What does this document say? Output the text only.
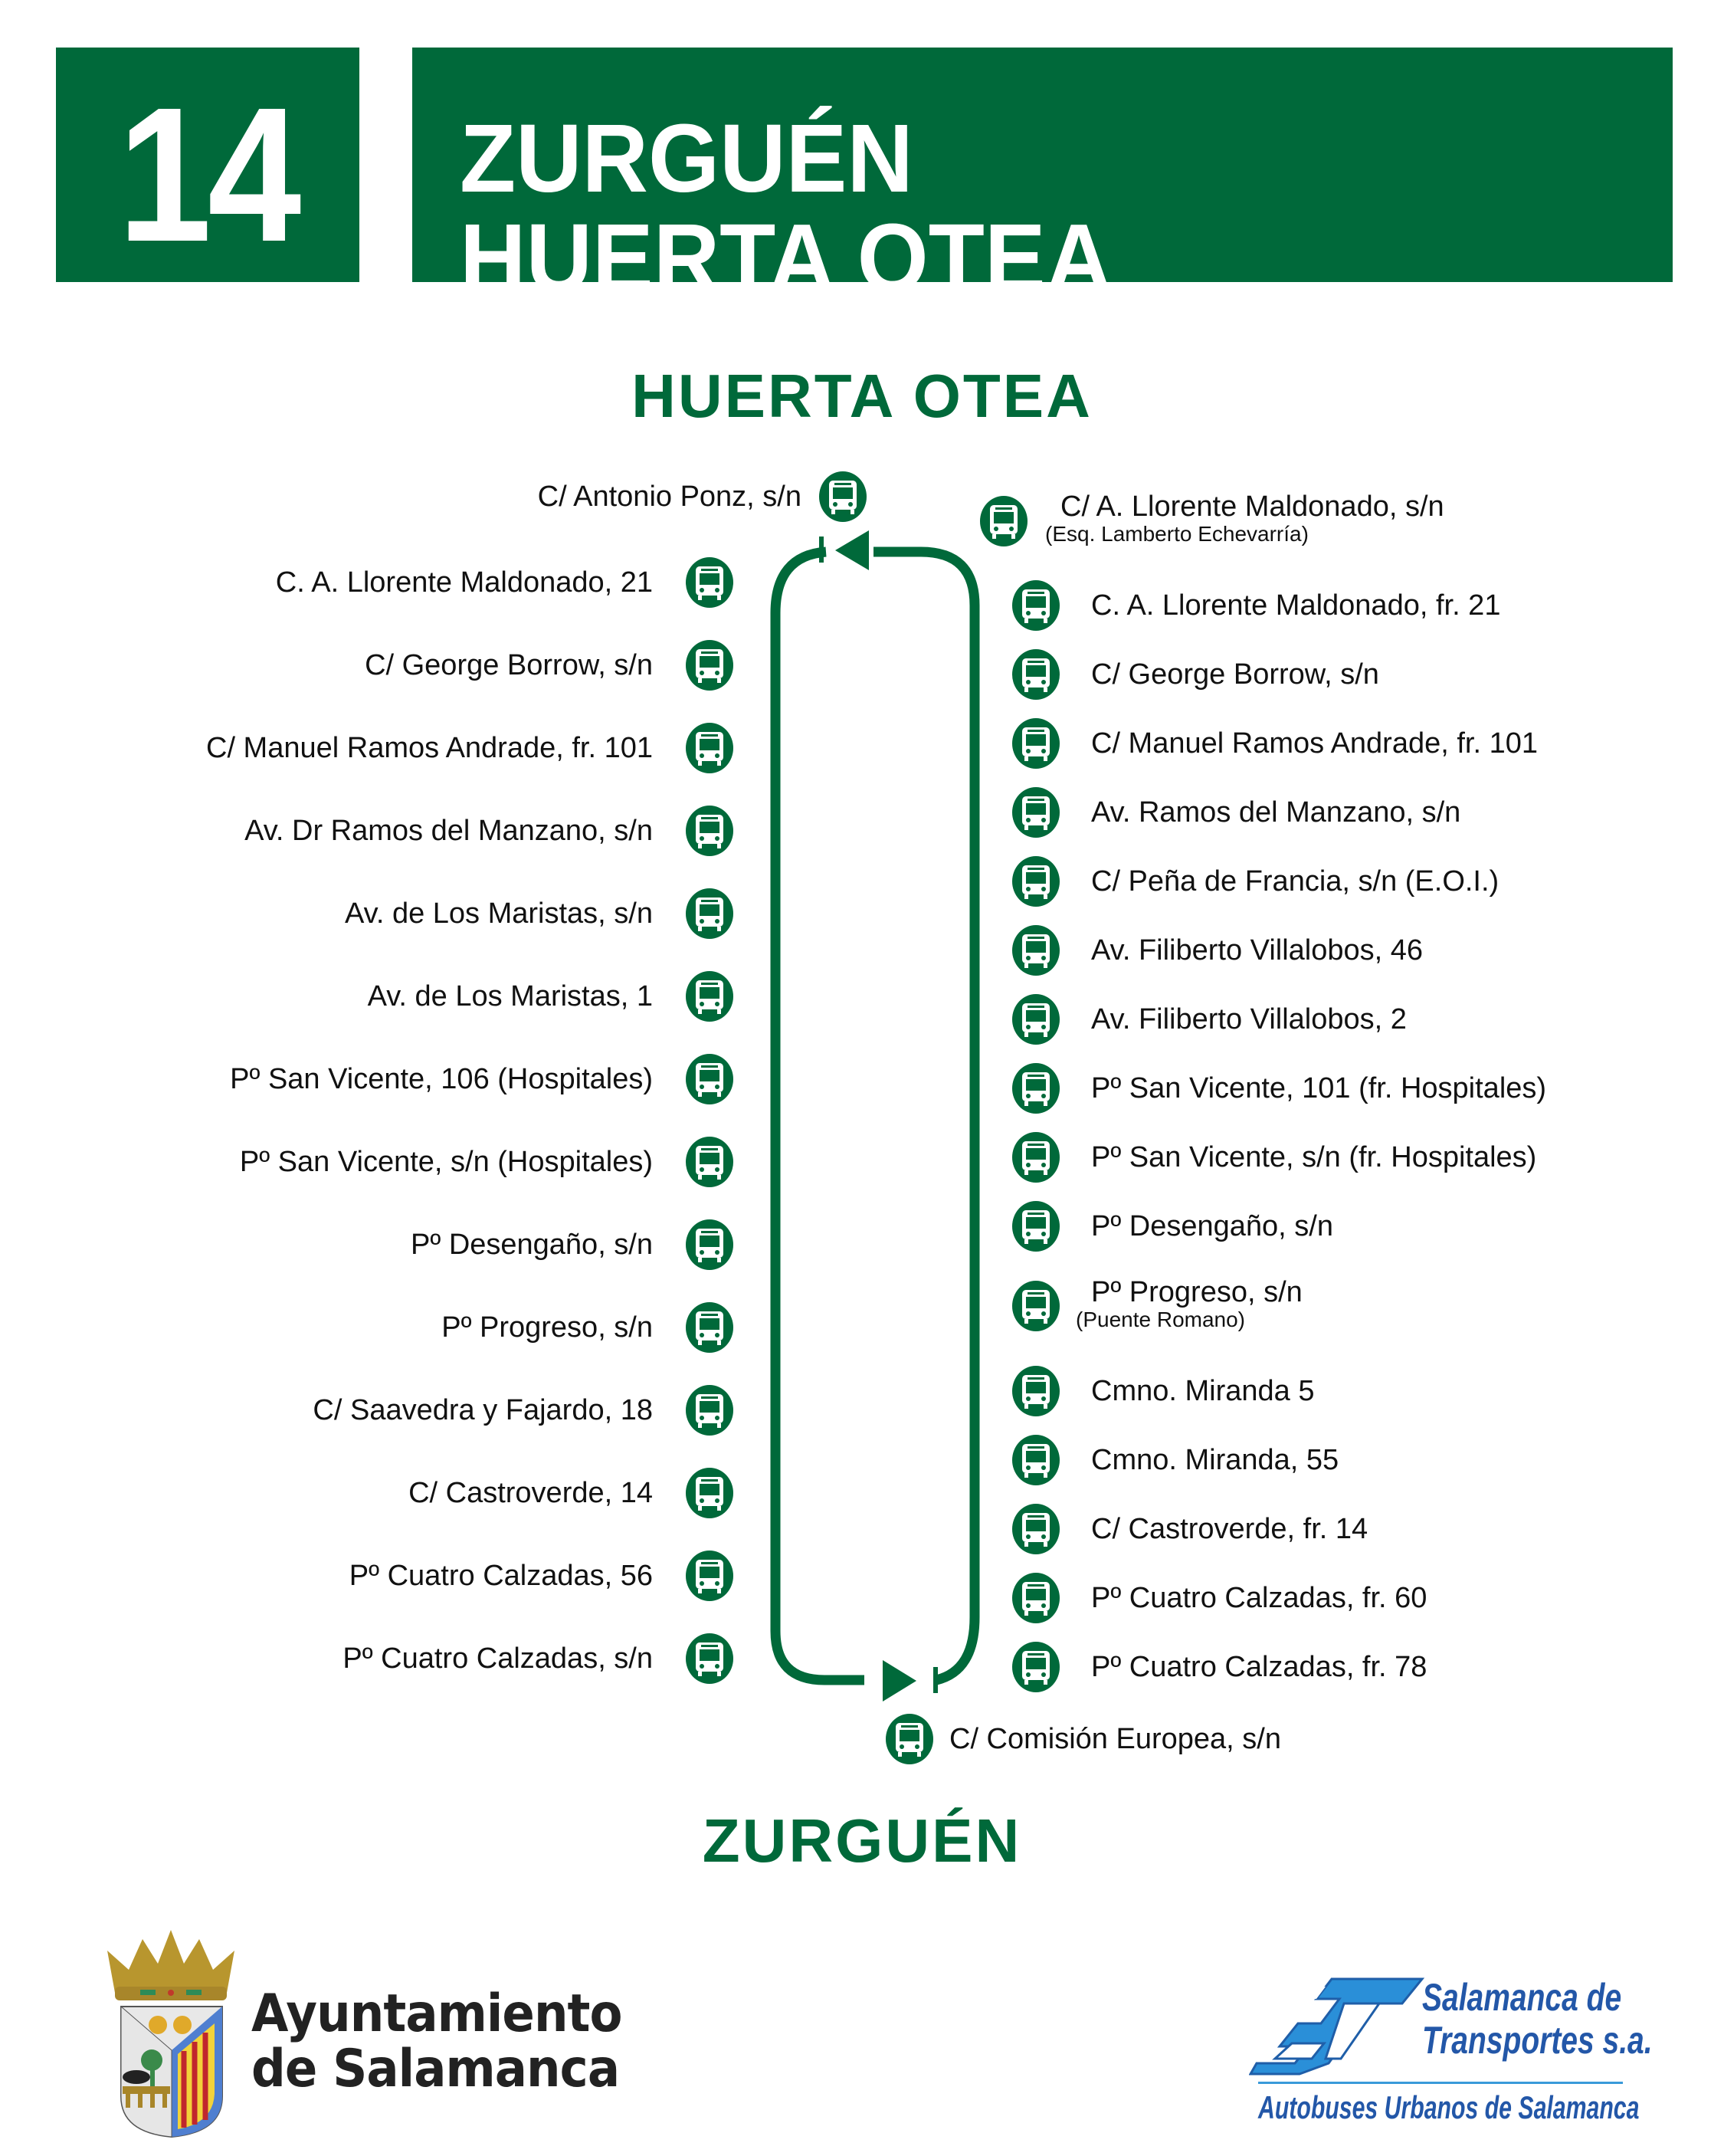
14	ZURGUÉN
HUERTA OTEA
HUERTA OTEA
C/ Antonio Ponz, s/n
C. A. Llorente Maldonado, 21
C/ George Borrow, s/n
C/ Manuel Ramos Andrade, fr. 101
Av. Dr Ramos del Manzano, s/n
Av. de Los Maristas, s/n
Av. de Los Maristas, 1
Pº San Vicente, 106 (Hospitales)
Pº San Vicente, s/n (Hospitales)
Pº Desengaño, s/n
Pº Progreso, s/n
C/ Saavedra y Fajardo, 18
C/ Castroverde, 14
Pº Cuatro Calzadas, 56
Pº Cuatro Calzadas, s/n
C/ A. Llorente Maldonado, s/n
(Esq. Lamberto Echevarría)
C. A. Llorente Maldonado, fr. 21
C/ George Borrow, s/n
C/ Manuel Ramos Andrade, fr. 101
Av. Ramos del Manzano, s/n
C/ Peña de Francia, s/n (E.O.I.)
Av. Filiberto Villalobos, 46
Av. Filiberto Villalobos, 2
Pº San Vicente, 101 (fr. Hospitales)
Pº San Vicente, s/n (fr. Hospitales)
Pº Desengaño, s/n
Pº Progreso, s/n
(Puente Romano)
Cmno. Miranda 5
Cmno. Miranda, 55
C/ Castroverde, fr. 14
Pº Cuatro Calzadas, fr. 60
Pº Cuatro Calzadas, fr. 78
C/ Comisión Europea, s/n
ZURGUÉN
Ayuntamiento
de Salamanca
Salamanca de
Transportes s.a.
Autobuses Urbanos de Salamanca
